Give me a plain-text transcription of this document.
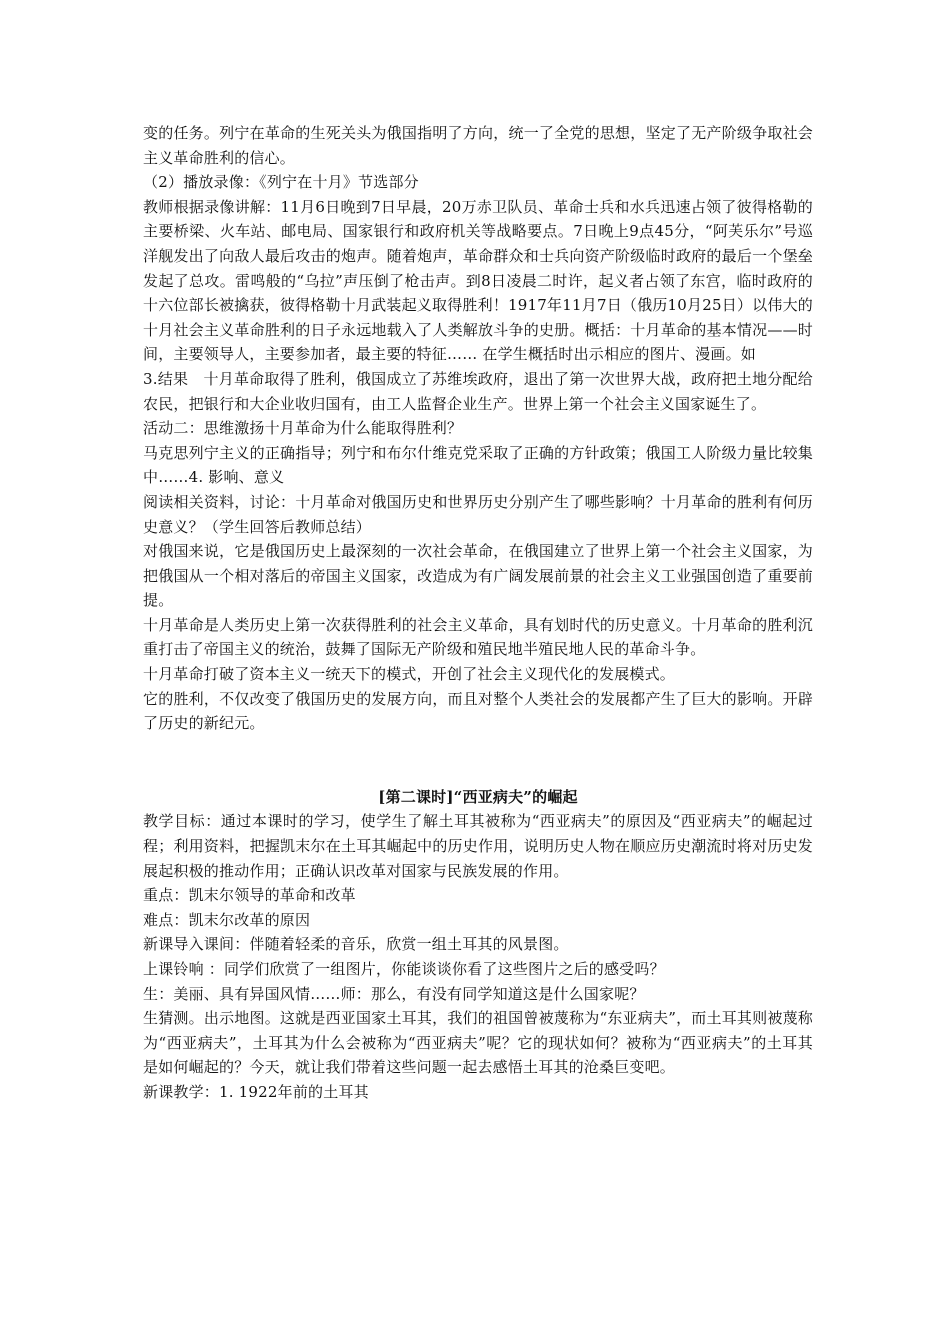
变的任务。列宁在革命的生死关头为俄国指明了方向，统一了全党的思想，坚定了无产阶级争取社会主义革命胜利的信心。

（2）播放录像：《列宁在十月》节选部分

教师根据录像讲解：11月6日晚到7日早晨，20万赤卫队员、革命士兵和水兵迅速占领了彼得格勒的主要桥梁、火车站、邮电局、国家银行和政府机关等战略要点。7日晚上9点45分，“阿芙乐尔”号巡洋舰发出了向敌人最后攻击的炮声。随着炮声，革命群众和士兵向资产阶级临时政府的最后一个堡垒发起了总攻。雷鸣般的“乌拉”声压倒了枪击声。到8日凌晨二时许，起义者占领了东宫，临时政府的十六位部长被擒获，彼得格勒十月武装起义取得胜利！1917年11月7日（俄历10月25日）以伟大的十月社会主义革命胜利的日子永远地载入了人类解放斗争的史册。概括：十月革命的基本情况——时间，主要领导人，主要参加者，最主要的特征…… 在学生概括时出示相应的图片、漫画。如

3.结果　十月革命取得了胜利，俄国成立了苏维埃政府，退出了第一次世界大战，政府把土地分配给农民，把银行和大企业收归国有，由工人监督企业生产。世界上第一个社会主义国家诞生了。

活动二：思维激扬十月革命为什么能取得胜利？

马克思列宁主义的正确指导；列宁和布尔什维克党采取了正确的方针政策；俄国工人阶级力量比较集中……4. 影响、意义

阅读相关资料，讨论：十月革命对俄国历史和世界历史分别产生了哪些影响？十月革命的胜利有何历史意义？（学生回答后教师总结）

对俄国来说，它是俄国历史上最深刻的一次社会革命，在俄国建立了世界上第一个社会主义国家，为把俄国从一个相对落后的帝国主义国家，改造成为有广阔发展前景的社会主义工业强国创造了重要前提。

十月革命是人类历史上第一次获得胜利的社会主义革命，具有划时代的历史意义。十月革命的胜利沉重打击了帝国主义的统治，鼓舞了国际无产阶级和殖民地半殖民地人民的革命斗争。

十月革命打破了资本主义一统天下的模式，开创了社会主义现代化的发展模式。

它的胜利，不仅改变了俄国历史的发展方向，而且对整个人类社会的发展都产生了巨大的影响。开辟了历史的新纪元。

[第二课时]“西亚病夫”的崛起

教学目标：通过本课时的学习，使学生了解土耳其被称为“西亚病夫”的原因及“西亚病夫”的崛起过程；利用资料，把握凯末尔在土耳其崛起中的历史作用，说明历史人物在顺应历史潮流时将对历史发展起积极的推动作用；正确认识改革对国家与民族发展的作用。

重点：凯末尔领导的革命和改革

难点：凯末尔改革的原因

新课导入课间：伴随着轻柔的音乐，欣赏一组土耳其的风景图。

上课铃响 ：同学们欣赏了一组图片，你能谈谈你看了这些图片之后的感受吗？

生：美丽、具有异国风情……师：那么，有没有同学知道这是什么国家呢？

生猜测。出示地图。这就是西亚国家土耳其，我们的祖国曾被蔑称为“东亚病夫”，而土耳其则被蔑称为“西亚病夫”，土耳其为什么会被称为“西亚病夫”呢？它的现状如何？被称为“西亚病夫”的土耳其是如何崛起的？今天，就让我们带着这些问题一起去感悟土耳其的沧桑巨变吧。

新课教学：1. 1922年前的土耳其
